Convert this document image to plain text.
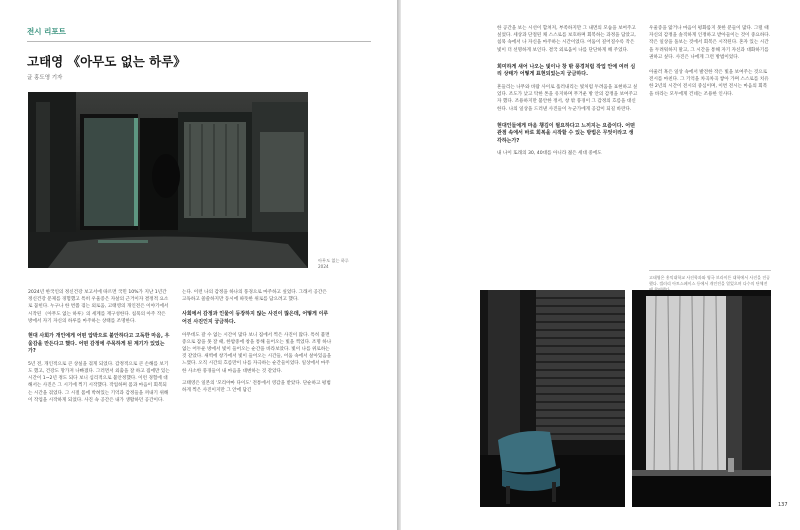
전시 리포트
고태영 《아무도 없는 하루》
글 홍도영 기자
아무도 없는 하루
2024
2024년 한국인의 정신건강 보고서에 따르면 국민 10%가 지난 1년간 정신건강 문제를 경험했고 특히 우울증은 자살의 근거이자 결정적 요소로 꼽힌다. 누구나 한 번쯤 겪는 외로움, 고태영의 개인전은 이야기에서 시작된 《아무도 없는 하루》의 세계를 재구성한다. 침묵의 아주 작은 방에서 자기 자신의 하루를 마주하는 상태를 조명한다.
현대 사회가 개인에게 어떤 압박으로 불안하다고 고독한 마음, 우울감을 만든다고 했다. 어떤 감정에 주목하게 된 계기가 있었는가?
5년 전, 개인적으로 큰 상실을 겪게 되었다. 감정적으로 큰 손해를 보기도 했고, 건강도 망가져 나빠졌다. 그러면서 외출을 잘 하고 집에만 있는 시간이 1~2년 정도 되다 보니 심리적으로 불안정했다. 이런 경험에 대해서는 사진은 그 시기에 찍기 시작했다. 작업하며 몸과 마음이 회복되는 시간을 겪었다. 그 시절 몸에 박혀있는 기억과 감정들을 꺼내기 위해 이 작업을 시작하게 되었다. 사진 속 공간은 내가 생활하던 공간이다.
는다. 이런 나의 감정을 하나의 풍경으로 마주하고 싶었다. 그래서 공간은 고독하고 쓸쓸하지만 동시에 따뜻한 위로를 담으려고 했다.
사회에서 감정과 인물이 등장하지 않는 사진이 많은데, 어떻게 이루어진 사진인지 궁금하다.
아무데도 갈 수 없는 시간이 많다 보니 집에서 찍은 사진이 많다. 특히 불면증으로 잠을 못 잘 때, 한밤중에 창을 통해 들어오는 빛을 찍었다. 조명 하나 없는 어두운 방에서 빛이 들어오는 순간을 바라보았다. 빛이 나를 위로하는 것 같았다. 새벽에 창가에서 빛이 들어오는 시간들, 어둠 속에서 살아있음을 느꼈다. 오직 시간의 흐름만이 나를 자극하는 순간들이었다. 일상에서 마주한 사소한 풍경들이 내 마음을 대변하는 것 같았다.
고태영은 일본의 '모리야마 다이도' 전통에서 영감을 받았다. 단순하고 평범하게 찍은 사진이지만 그 안에 담긴
한 공간을 보는 시선이 합쳐져, 부족하지만 그 내면의 모습을 보여주고 싶었다. 세상과 단절된 채 스스로를 보호하며 회복하는 과정을 담았고, 침묵 속에서 나 자신을 마주하는 시간이었다. 어둠이 깊어질수록 작은 빛이 더 선명하게 보인다. 결국 외로움이 나를 단단하게 해 주었다.
희미하게 새어 나오는 빛이나 창 밖 풍경처럼 작업 안에 여러 심리 상태가 어떻게 표현되었는지 궁금하다.
흔들리는 나무와 바람 사이로 흘러내리는 빛처럼 두려움을 표현하고 싶었다. 조도가 낮고 탁한 톤을 유지하며 무거운 방 안의 감정을 보여주고자 했다. 조용하지만 불안한 정서, 창 밖 풍경이 그 감정의 흐름을 대신한다. 나의 일상을 드러낸 사진들이 누군가에게 공감이 되길 바란다.
현대인들에게 마음 챙김이 필요하다고 느끼지는 요즘이다. 어떤 관점 속에서 바로 회복을 시작할 수 있는 방법은 무엇이라고 생각하는가?
내 나이 또래의 30, 40대를 아니라 젊은 세대 중에도
우울증을 앓거나 마음이 평화롭지 못한 분들이 많다. 그럴 때 자신의 감정을 솔직하게 인정하고 받아들이는 것이 중요하다. 작은 일상을 돌보는 것에서 회복은 시작된다. 혼자 있는 시간을 두려워하지 말고, 그 시간을 통해 자기 자신과 대화하기를 권하고 싶다. 사진은 나에게 그런 방법이었다.
아울러 혹은 일상 속에서 발견한 작은 빛을 보여주는 것으로 전시를 마친다. 그 기억을 차곡차곡 쌓아 가며 스스로를 치유한 2년의 시간이 전시의 중심이며, 이번 전시는 마음의 회복을 바라는 모두에게 건네는 조용한 인사다.
고태영은 홍익대학교 사진학과와 영국 브라이튼 대학에서 사진을 전공했다. 갤러리 아트스페이스 등에서 개인전을 열었으며 다수의 단체전
137
